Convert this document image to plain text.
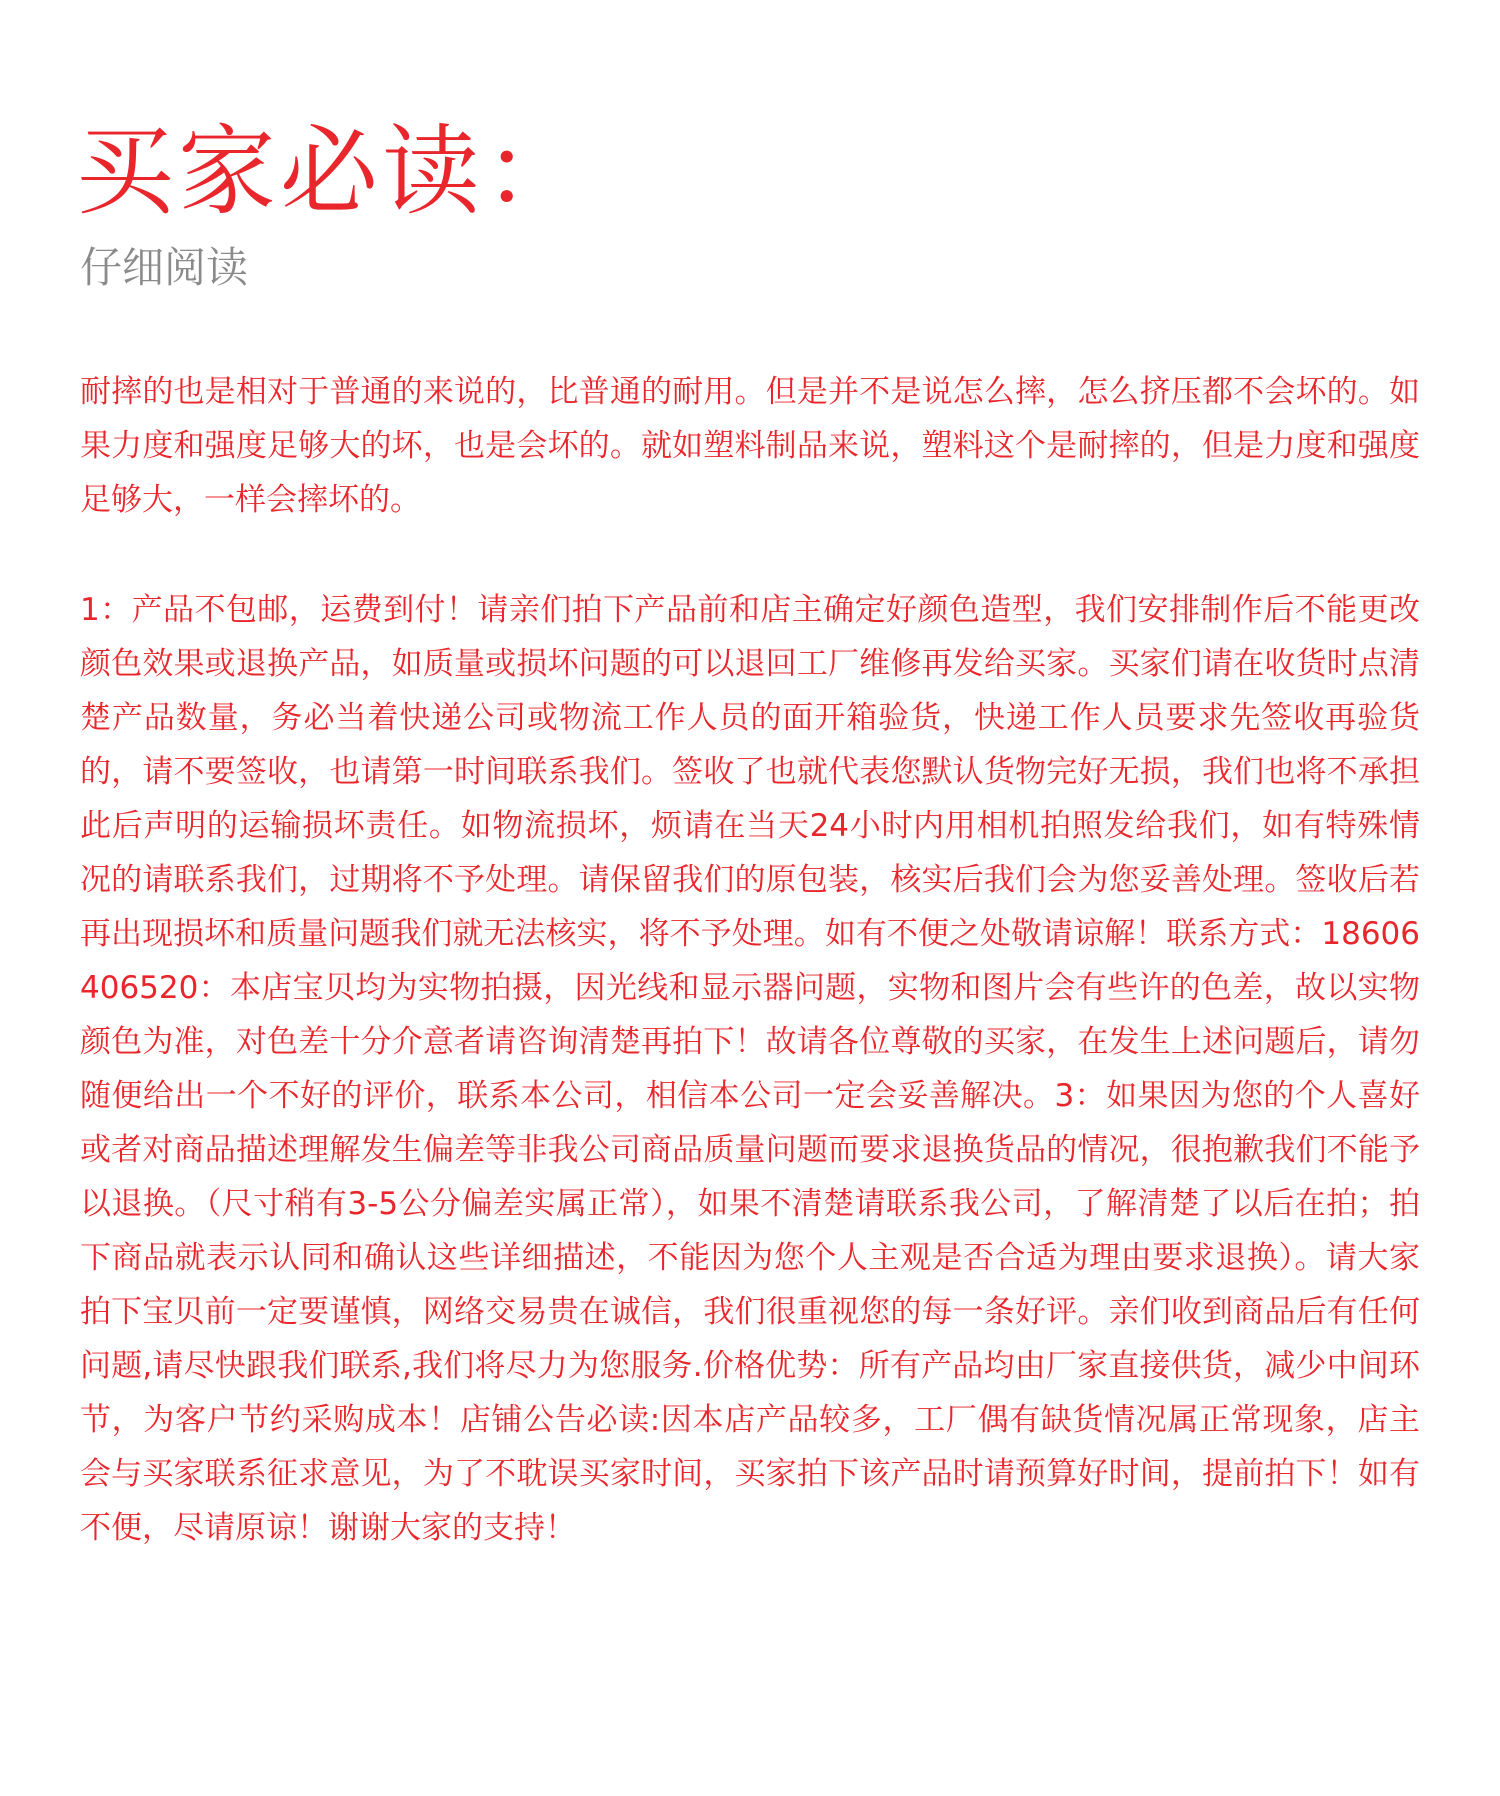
买家必读：
仔细阅读

耐摔的也是相对于普通的来说的，比普通的耐用。但是并不是说怎么摔，怎么挤压都不会坏的。如果力度和强度足够大的坏，也是会坏的。就如塑料制品来说，塑料这个是耐摔的，但是力度和强度足够大，一样会摔坏的。

1：产品不包邮，运费到付！请亲们拍下产品前和店主确定好颜色造型，我们安排制作后不能更改颜色效果或退换产品，如质量或损坏问题的可以退回工厂维修再发给买家。买家们请在收货时点清楚产品数量，务必当着快递公司或物流工作人员的面开箱验货，快递工作人员要求先签收再验货的，请不要签收，也请第一时间联系我们。签收了也就代表您默认货物完好无损，我们也将不承担此后声明的运输损坏责任。如物流损坏，烦请在当天24小时内用相机拍照发给我们，如有特殊情况的请联系我们，过期将不予处理。请保留我们的原包装，核实后我们会为您妥善处理。签收后若再出现损坏和质量问题我们就无法核实，将不予处理。如有不便之处敬请谅解！联系方式：18606406520：本店宝贝均为实物拍摄，因光线和显示器问题，实物和图片会有些许的色差，故以实物颜色为准，对色差十分介意者请咨询清楚再拍下！故请各位尊敬的买家，在发生上述问题后，请勿随便给出一个不好的评价，联系本公司，相信本公司一定会妥善解决。3：如果因为您的个人喜好或者对商品描述理解发生偏差等非我公司商品质量问题而要求退换货品的情况，很抱歉我们不能予以退换。（尺寸稍有3-5公分偏差实属正常），如果不清楚请联系我公司，了解清楚了以后在拍；拍下商品就表示认同和确认这些详细描述，不能因为您个人主观是否合适为理由要求退换）。请大家拍下宝贝前一定要谨慎，网络交易贵在诚信，我们很重视您的每一条好评。亲们收到商品后有任何问题,请尽快跟我们联系,我们将尽力为您服务.价格优势：所有产品均由厂家直接供货，减少中间环节，为客户节约采购成本！店铺公告必读:因本店产品较多，工厂偶有缺货情况属正常现象，店主会与买家联系征求意见，为了不耽误买家时间，买家拍下该产品时请预算好时间，提前拍下！如有不便，尽请原谅！谢谢大家的支持！
